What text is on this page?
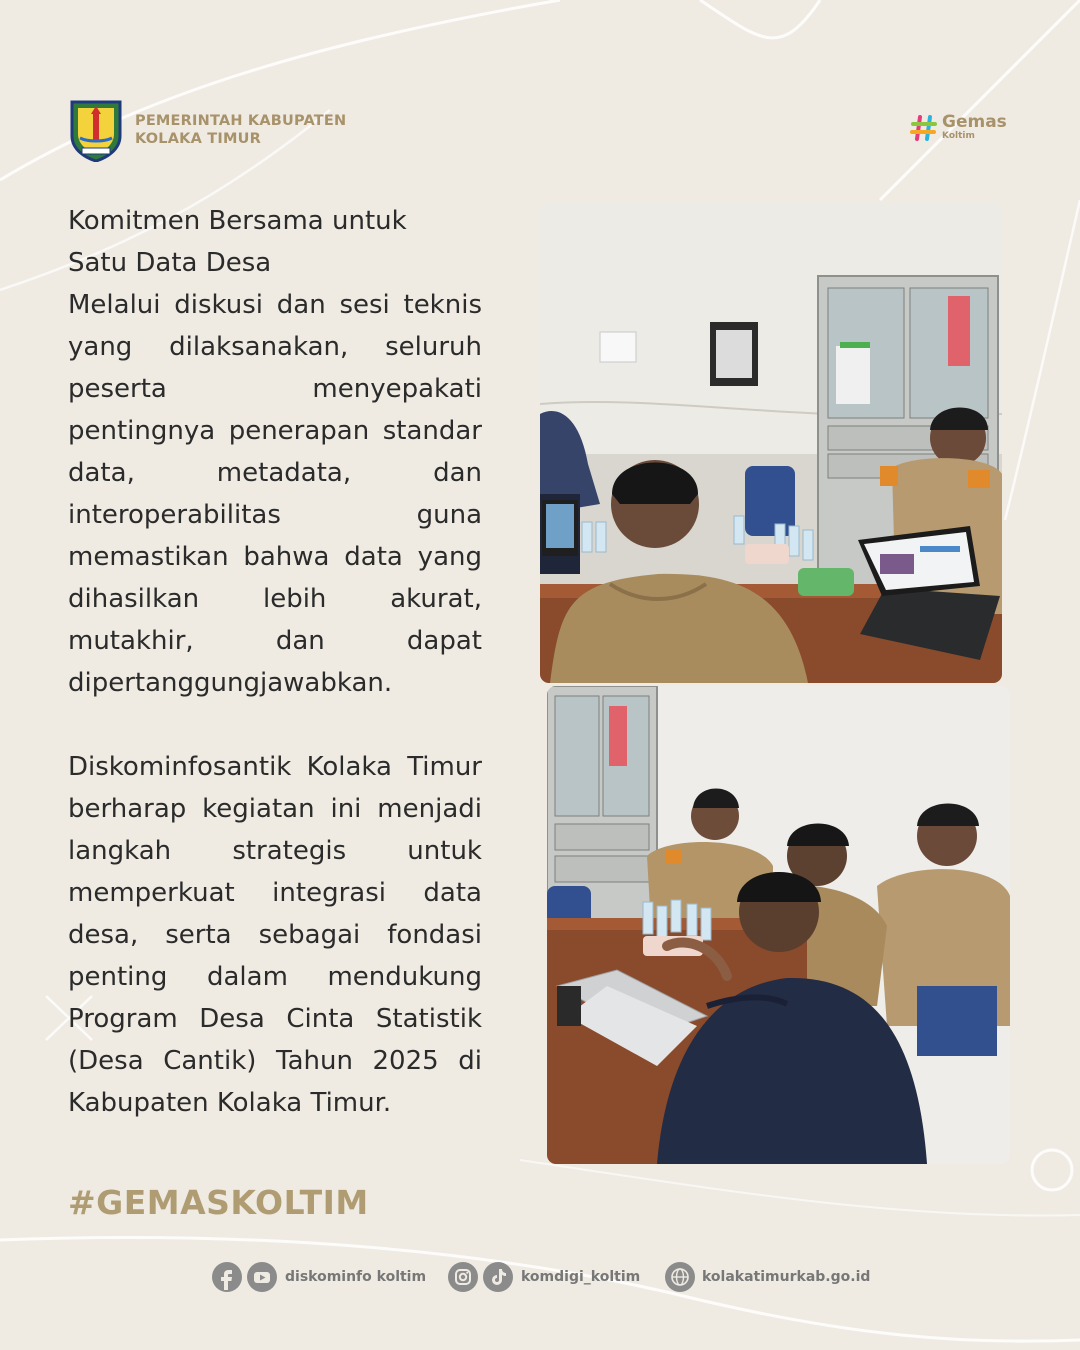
PEMERINTAH KABUPATEN
KOLAKA TIMUR
Gemas
Koltim

Komitmen Bersama untuk

Satu Data Desa

Melalui diskusi dan sesi teknis yang dilaksanakan, seluruh peserta menyepakati pentingnya penerapan standar data, metadata, dan interoperabilitas guna memastikan bahwa data yang dihasilkan lebih akurat, mutakhir, dan dapat dipertanggungjawabkan.

Diskominfosantik Kolaka Timur berharap kegiatan ini menjadi langkah strategis untuk memperkuat integrasi data desa, serta sebagai fondasi penting dalam mendukung Program Desa Cinta Statistik (Desa Cantik) Tahun 2025 di Kabupaten Kolaka Timur.

#GEMASKOLTIM
diskominfo koltim	komdigi_koltim	kolakatimurkab.go.id
